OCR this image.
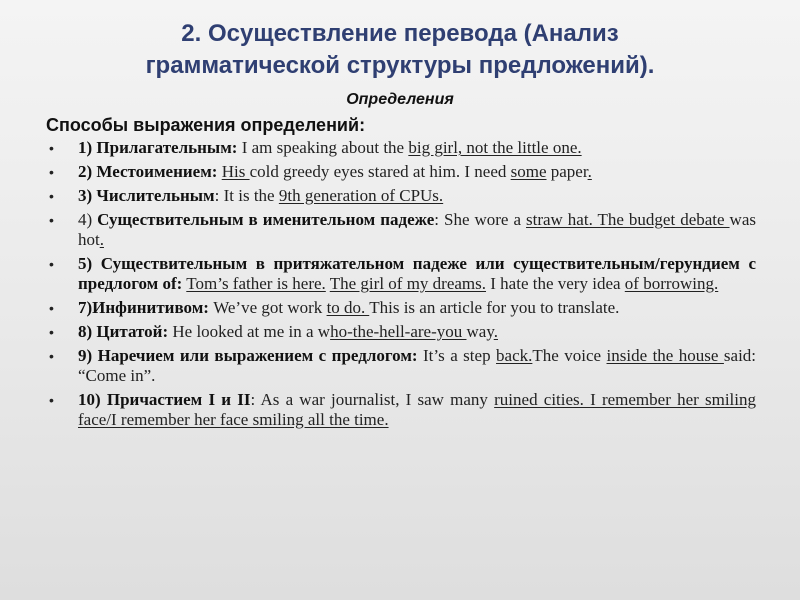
2. Осуществление перевода (Анализ
грамматической структуры предложений).
Определения
Способы выражения определений:
• 1) Прилагательным: I am speaking about the big girl, not the little one.
• 2) Местоимением: His cold greedy eyes stared at him. I need some paper.
• 3) Числительным: It is the 9th generation of CPUs.
• 4) Существительным в именительном падеже: She wore a straw hat. The budget debate was hot.
• 5) Существительным в притяжательном падеже или существительным/герундием с предлогом of: Tom’s father is here. The girl of my dreams. I hate the very idea of borrowing.
• 7)Инфинитивом: We’ve got work to do. This is an article for you to translate.
• 8) Цитатой: He looked at me in a who-the-hell-are-you way.
• 9) Наречием или выражением с предлогом: It’s a step back.The voice inside the house said: “Come in”.
• 10) Причастием I и II: As a war journalist, I saw many ruined cities. I remember her smiling face/I remember her face smiling all the time.
